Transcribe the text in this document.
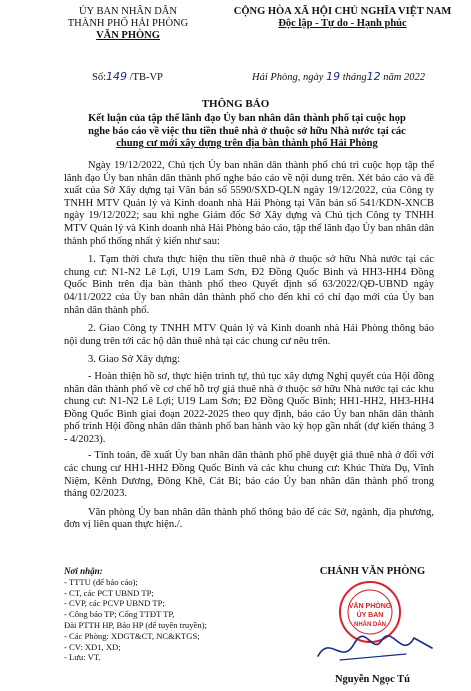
ỦY BAN NHÂN DÂN
THÀNH PHỐ HẢI PHÒNG
VĂN PHÒNG
CỘNG HÒA XÃ HỘI CHỦ NGHĨA VIỆT NAM
Độc lập - Tự do - Hạnh phúc
Số:149 /TB-VP	Hải Phòng, ngày 19 tháng12 năm 2022
THÔNG BÁO
Kết luận của tập thể lãnh đạo Ủy ban nhân dân thành phố tại cuộc họp
nghe báo cáo về việc thu tiền thuê nhà ở thuộc sở hữu Nhà nước tại các
chung cư mới xây dựng trên địa bàn thành phố Hải Phòng

Ngày 19/12/2022, Chủ tịch Ủy ban nhân dân thành phố chủ trì cuộc họp tập thể lãnh đạo Ủy ban nhân dân thành phố nghe báo cáo về nội dung trên. Xét báo cáo và đề xuất của Sở Xây dựng tại Văn bản số 5590/SXD-QLN ngày 19/12/2022, của Công ty TNHH MTV Quản lý và Kinh doanh nhà Hải Phòng tại Văn bản số 541/KDN-XNCB ngày 19/12/2022; sau khi nghe Giám đốc Sở Xây dựng và Chủ tịch Công ty TNHH MTV Quản lý và Kinh doanh nhà Hải Phòng báo cáo, tập thể lãnh đạo Ủy ban nhân dân thành phố thống nhất ý kiến như sau:

1. Tạm thời chưa thực hiện thu tiền thuê nhà ở thuộc sở hữu Nhà nước tại các chung cư: N1-N2 Lê Lợi, U19 Lam Sơn, Đ2 Đồng Quốc Bình và HH3-HH4 Đồng Quốc Bình trên địa bàn thành phố theo Quyết định số 63/2022/QĐ-UBND ngày 04/11/2022 của Ủy ban nhân dân thành phố cho đến khi có chỉ đạo mới của Ủy ban nhân dân thành phố.

2. Giao Công ty TNHH MTV Quản lý và Kinh doanh nhà Hải Phòng thông báo nội dung trên tới các hộ dân thuê nhà tại các chung cư nêu trên.

3. Giao Sở Xây dựng:

- Hoàn thiện hồ sơ, thực hiện trình tự, thủ tục xây dựng Nghị quyết của Hội đồng nhân dân thành phố về cơ chế hỗ trợ giá thuê nhà ở thuộc sở hữu Nhà nước tại các khu chung cư: N1-N2 Lê Lợi; U19 Lam Sơn; Đ2 Đồng Quốc Bình; HH1-HH2, HH3-HH4 Đồng Quốc Bình giai đoạn 2022-2025 theo quy định, báo cáo Ủy ban nhân dân thành phố trình Hội đồng nhân dân thành phố ban hành vào kỳ họp gần nhất (dự kiến tháng 3 - 4/2023).

- Tính toán, đề xuất Ủy ban nhân dân thành phố phê duyệt giá thuê nhà ở đối với các chung cư HH1-HH2 Đồng Quốc Bình và các khu chung cư: Khúc Thừa Dụ, Vĩnh Niệm, Kênh Dương, Đông Khê, Cát Bi; báo cáo Ủy ban nhân dân thành phố trong tháng 02/2023.

Văn phòng Ủy ban nhân dân thành phố thông báo để các Sở, ngành, địa phương, đơn vị liên quan thực hiện./.

Nơi nhận:
- TTTU (để báo cáo);
- CT, các PCT UBND TP;
- CVP, các PCVP UBND TP;
- Công báo TP; Cổng TTĐT TP,
Đài PTTH HP, Báo HP (để tuyên truyền);
- Các Phòng: XDGT&CT, NC&KTGS;
- CV: XD1, XD;
- Lưu: VT.
CHÁNH VĂN PHÒNG
VĂN PHÒNG
ỦY BAN
NHÂN DÂN
Nguyễn Ngọc Tú
